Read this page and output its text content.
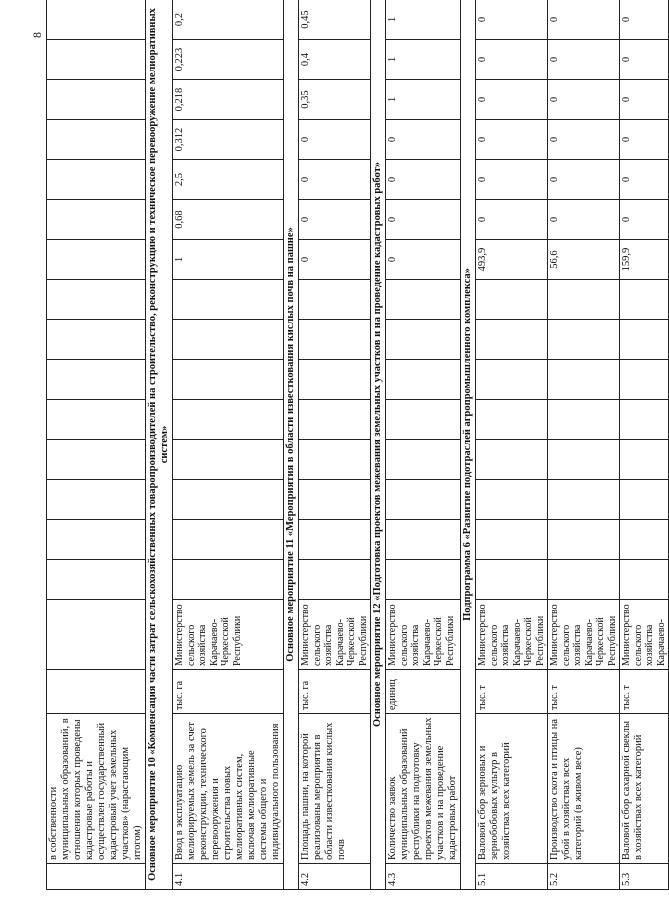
8
	в собственности муниципальных образований, в отношении которых проведены кадастровые работы и осуществлен государственный кадастровый учет земельных участков» (нарастающим итогом)																	
Основное мероприятие 10 «Компенсация части затрат сельскохозяйственных товаропроизводителей на строительство, реконструкцию и техническое перевооружение мелиоративных систем»																		
4.1	Ввод в эксплуатацию мелиорируемых земель за счет реконструкции, технического перевооружения и строительства новых мелиоративных систем, включая мелиоративные системы общего и индивидуального пользования	тыс. га	Министерство сельского хозяйства Карачаево-Черкесской Республики									1	0,68	2,5	0,312	0,218	0,223	0,2
Основное мероприятие 11 «Мероприятия в области известкования кислых почв на пашне»																		
4.2	Площадь пашни, на которой реализованы мероприятия в области известкования кислых почв	тыс. га	Министерство сельского хозяйства Карачаево-Черкесской Республики									0	0	0	0	0,35	0,4	0,45
Основное мероприятие 12 «Подготовка проектов межевания земельных участков и на проведение кадастровых работ»																		
4.3	Количество заявок муниципальных образований республики на подготовку проектов межевания земельных участков и на проведение кадастровых работ	единиц	Министерство сельского хозяйства Карачаево-Черкесской Республики									0	0	0	0	1	1	1
Подпрограмма 6 «Развитие подотраслей агропромышленного комплекса»																		
5.1	Валовой сбор зерновых и зернобобовых культур в хозяйствах всех категорий	тыс. т	Министерство сельского хозяйства Карачаево-Черкесской Республики									493,9	0	0	0	0	0	0
5.2	Производство скота и птицы на убой в хозяйствах всех категорий (в живом весе)	тыс. т	Министерство сельского хозяйства Карачаево-Черкесской Республики									56,6	0	0	0	0	0	0
5.3	Валовой сбор сахарной свеклы в хозяйствах всех категорий	тыс. т	Министерство сельского хозяйства Карачаево-									159,9	0	0	0	0	0	0
